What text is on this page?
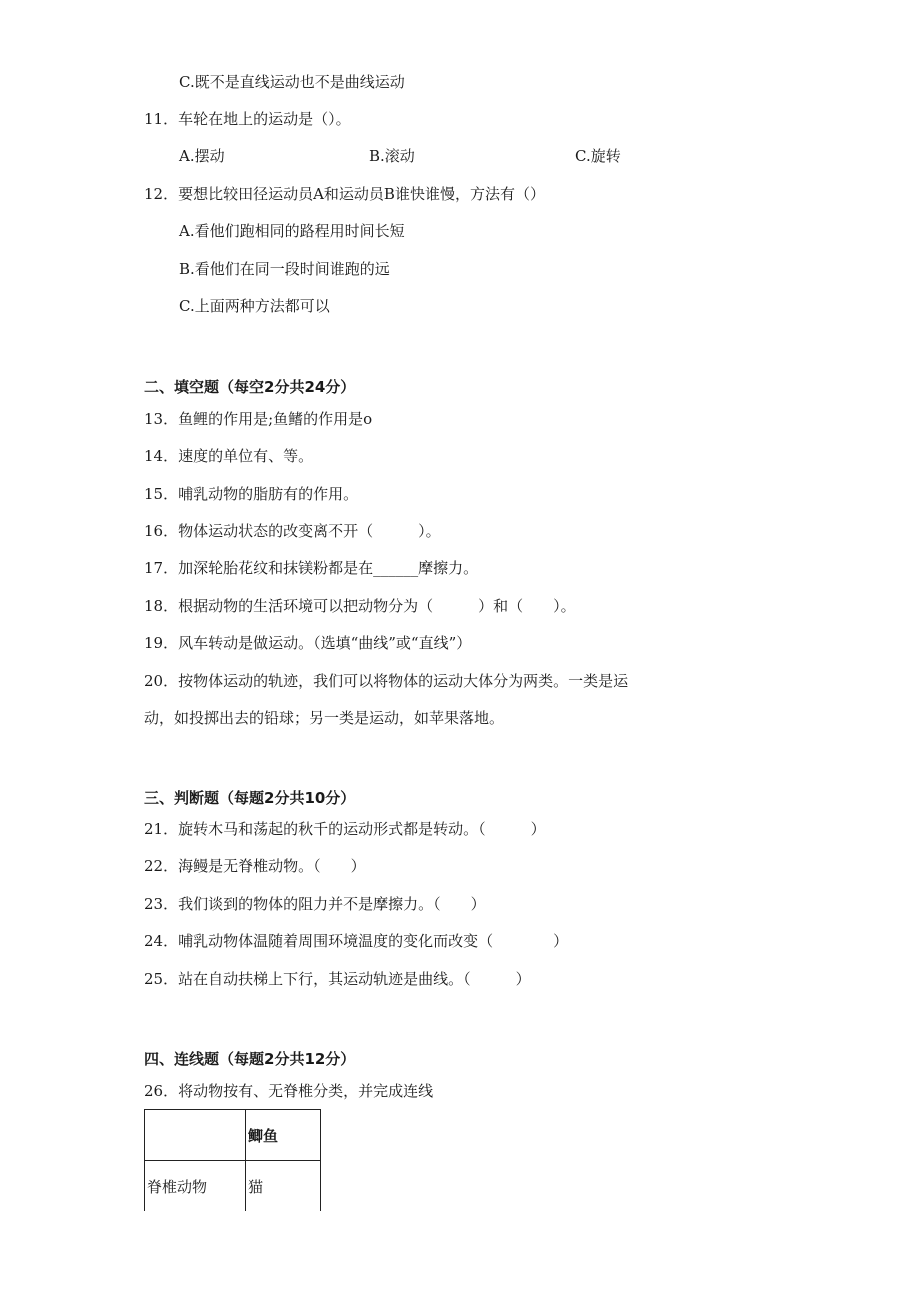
C.既不是直线运动也不是曲线运动
11．车轮在地上的运动是（）。
A.摆动	B.滚动	C.旋转
12．要想比较田径运动员A和运动员B谁快谁慢，方法有（）
A.看他们跑相同的路程用时间长短
B.看他们在同一段时间谁跑的远
C.上面两种方法都可以
二、填空题（每空2分共24分）
13．鱼鲤的作用是;鱼鳍的作用是o
14．速度的单位有、等。
15．哺乳动物的脂肪有的作用。
16．物体运动状态的改变离不开（　　　）。
17．加深轮胎花纹和抹镁粉都是在______摩擦力。
18．根据动物的生活环境可以把动物分为（　　　）和（　　）。
19．风车转动是做运动。（选填“曲线”或“直线”）
20．按物体运动的轨迹，我们可以将物体的运动大体分为两类。一类是运
动，如投掷出去的铅球；另一类是运动，如苹果落地。
三、判断题（每题2分共10分）
21．旋转木马和荡起的秋千的运动形式都是转动。（　　　）
22．海鳗是无脊椎动物。（　　）
23．我们谈到的物体的阻力并不是摩擦力。（　　）
24．哺乳动物体温随着周围环境温度的变化而改变（　　　　）
25．站在自动扶梯上下行，其运动轨迹是曲线。（　　　）
四、连线题（每题2分共12分）
26．将动物按有、无脊椎分类，并完成连线
	鲫鱼
脊椎动物	猫
